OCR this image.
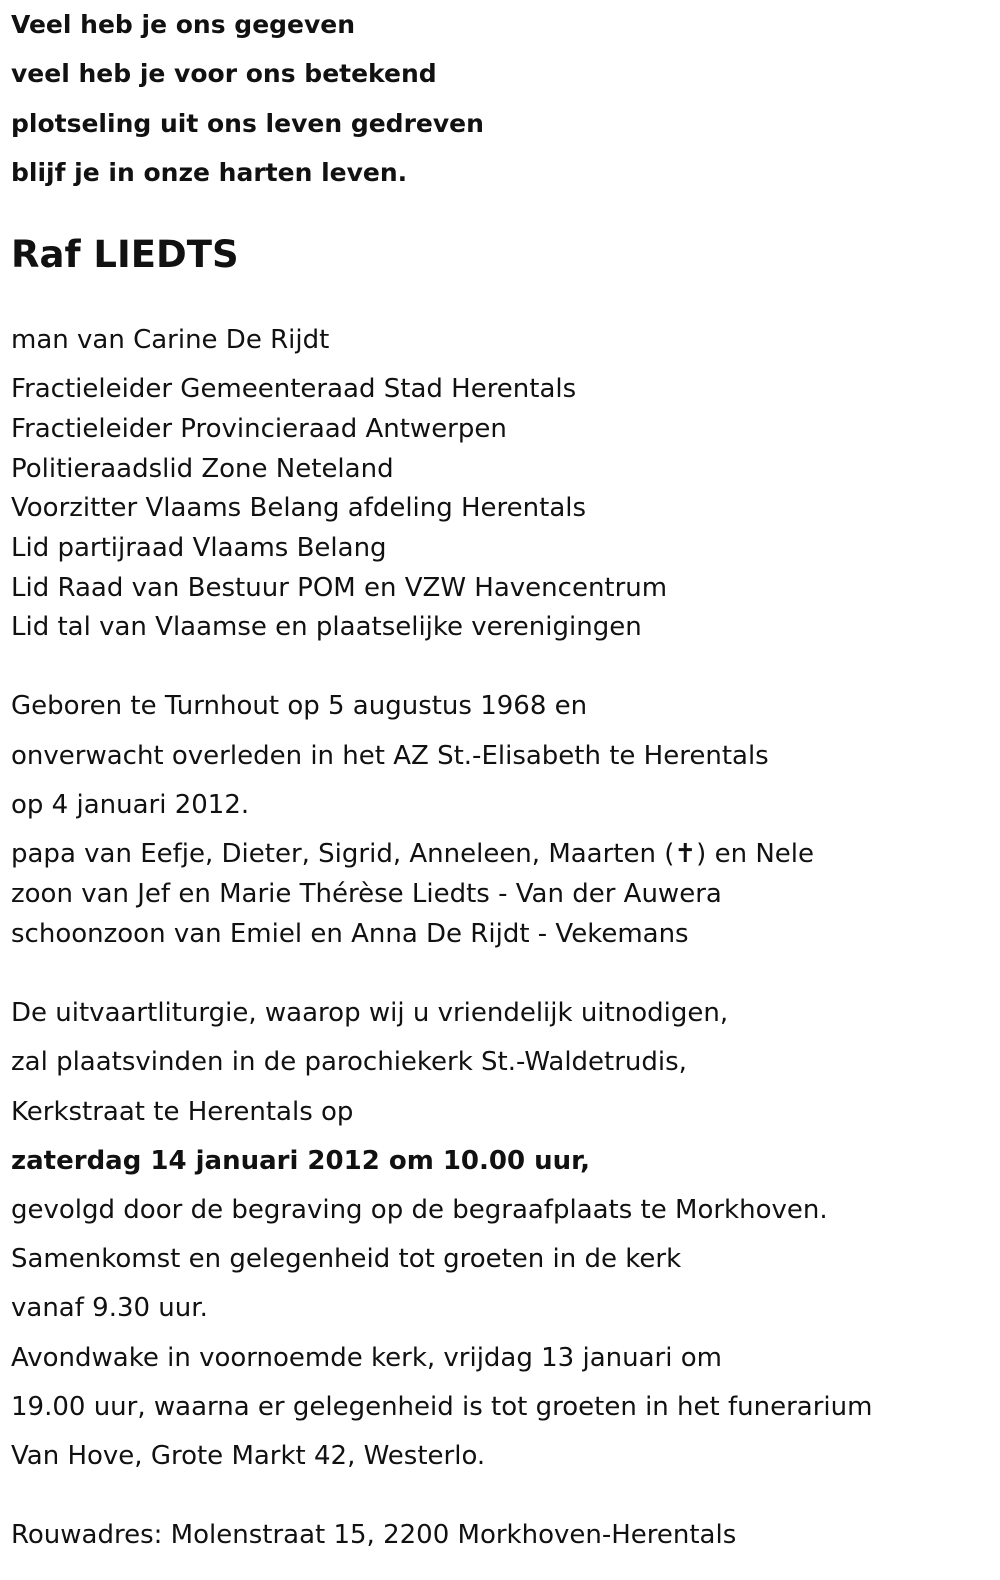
Veel heb je ons gegeven
veel heb je voor ons betekend
plotseling uit ons leven gedreven
blijf je in onze harten leven.
Raf LIEDTS
man van Carine De Rijdt
Fractieleider Gemeenteraad Stad Herentals
Fractieleider Provincieraad Antwerpen
Politieraadslid Zone Neteland
Voorzitter Vlaams Belang afdeling Herentals
Lid partijraad Vlaams Belang
Lid Raad van Bestuur POM en VZW Havencentrum
Lid tal van Vlaamse en plaatselijke verenigingen
Geboren te Turnhout op 5 augustus 1968 en
onverwacht overleden in het AZ St.-Elisabeth te Herentals
op 4 januari 2012.
papa van Eefje, Dieter, Sigrid, Anneleen, Maarten (✝) en Nele
zoon van Jef en Marie Thérèse Liedts - Van der Auwera
schoonzoon van Emiel en Anna De Rijdt - Vekemans
De uitvaartliturgie, waarop wij u vriendelijk uitnodigen,
zal plaatsvinden in de parochiekerk St.-Waldetrudis,
Kerkstraat te Herentals op
zaterdag 14 januari 2012 om 10.00 uur,
gevolgd door de begraving op de begraafplaats te Morkhoven.
Samenkomst en gelegenheid tot groeten in de kerk
vanaf 9.30 uur.
Avondwake in voornoemde kerk, vrijdag 13 januari om
19.00 uur, waarna er gelegenheid is tot groeten in het funerarium
Van Hove, Grote Markt 42, Westerlo.
Rouwadres: Molenstraat 15, 2200 Morkhoven-Herentals
